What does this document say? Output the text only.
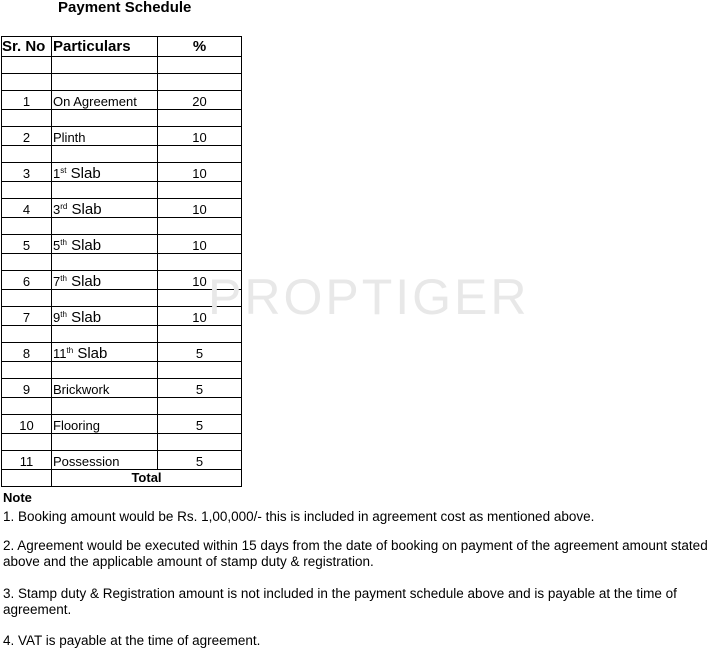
Payment Schedule
Sr. No	Particulars	%

1	On Agreement	20

2	Plinth	10

3	1st Slab	10

4	3rd Slab	10

5	5th Slab	10

6	7th Slab	10

7	9th Slab	10

8	11th Slab	5

9	Brickwork	5

10	Flooring	5

11	Possession	5
	Total	
PROPTIGER
Note
1. Booking amount would be Rs. 1,00,000/- this is included in agreement cost as mentioned above.
2. Agreement would be executed within 15 days from the date of booking on payment of the agreement amount stated above and the applicable amount of stamp duty & registration.
3. Stamp duty & Registration amount is not included in the payment schedule above and is payable at the time of agreement.
4. VAT is payable at the time of agreement.
